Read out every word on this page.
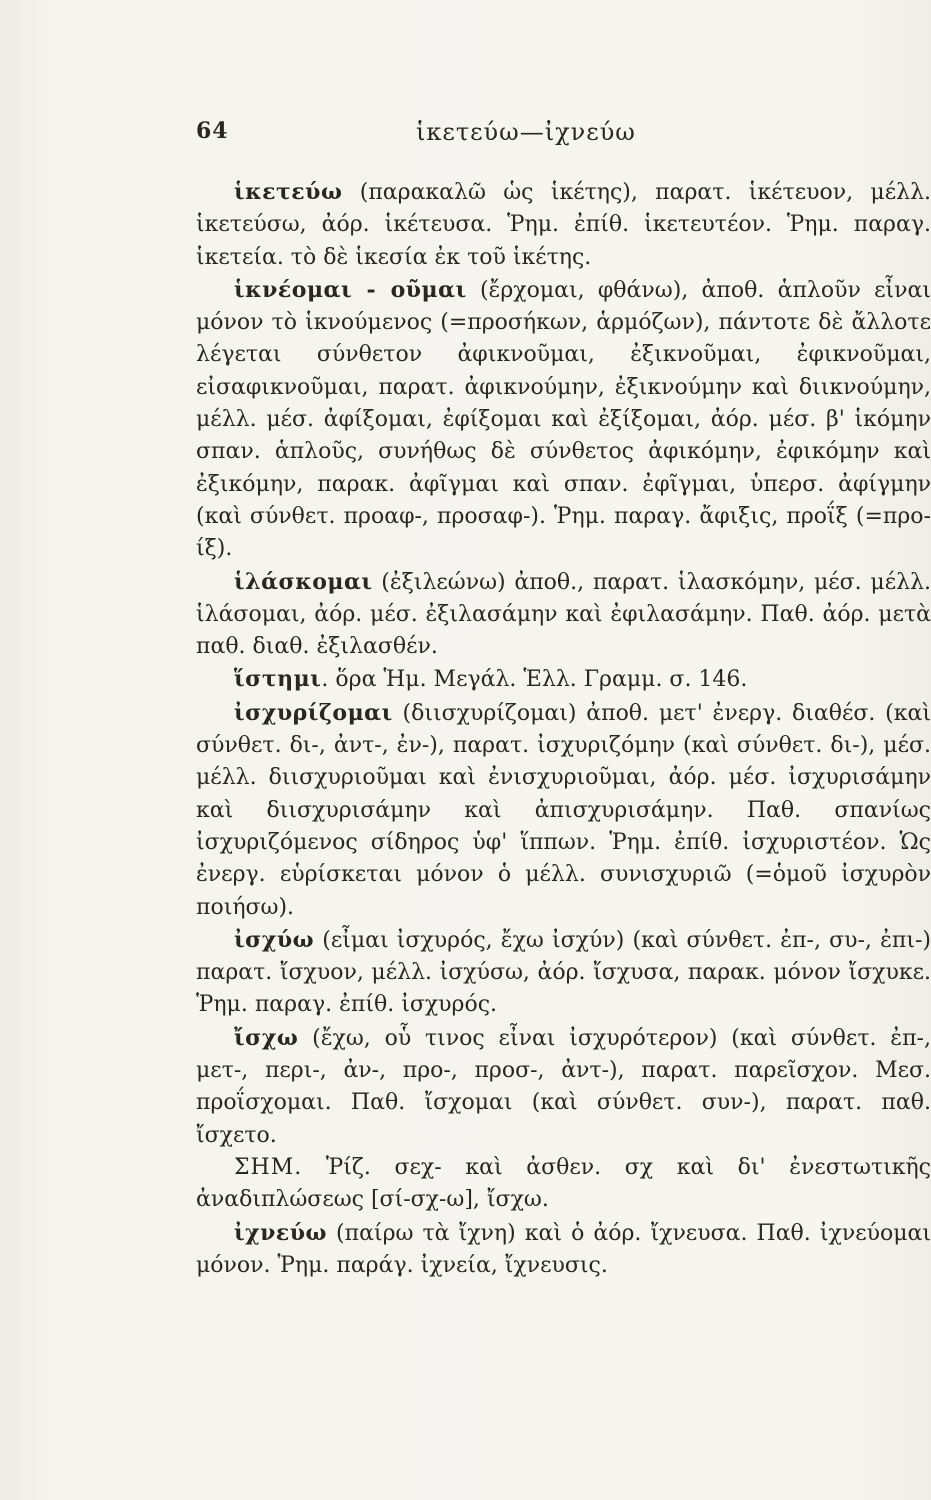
64	ἱκετεύω—ἰχνεύω

ἱκετεύω (παρακαλῶ ὡς ἱκέτης), παρατ. ἱκέτευον, μέλλ. ἱκετεύσω, ἀόρ. ἱκέτευσα. Ῥημ. ἐπίθ. ἱκετευτέον. Ῥημ. παραγ. ἱκετεία. τὸ δὲ ἱκεσία ἐκ τοῦ ἱκέτης.

ἱκνέομαι - οῦμαι (ἔρχομαι, φθάνω), ἀποθ. ἁπλοῦν εἶναι μόνον τὸ ἱκνούμενος (=προσήκων, ἁρμόζων), πάντοτε δὲ ἄλλοτε λέγεται σύνθετον ἀφικνοῦμαι, ἐξικνοῦμαι, ἐφικνοῦμαι, εἰσαφικνοῦμαι, παρατ. ἀφικνούμην, ἐξικνούμην καὶ διικνούμην, μέλλ. μέσ. ἀφίξομαι, ἐφίξομαι καὶ ἐξίξομαι, ἀόρ. μέσ. β' ἱκόμην σπαν. ἁπλοῦς, συνήθως δὲ σύνθετος ἀφικόμην, ἐφικόμην καὶ ἐξικόμην, παρακ. ἀφῖγμαι καὶ σπαν. ἐφῖγμαι, ὑπερσ. ἀφίγμην (καὶ σύνθετ. προαφ-, προσαφ-). Ῥημ. παραγ. ἄφιξις, προΐξ (=προ-ίξ).

ἱλάσκομαι (ἐξιλεώνω) ἀποθ., παρατ. ἱλασκόμην, μέσ. μέλλ. ἱλάσομαι, ἀόρ. μέσ. ἐξιλασάμην καὶ ἐφιλασάμην. Παθ. ἀόρ. μετὰ παθ. διαθ. ἐξιλασθέν.

ἵστημι. ὅρα Ἡμ. Μεγάλ. Ἑλλ. Γραμμ. σ. 146.

ἰσχυρίζομαι (διισχυρίζομαι) ἀποθ. μετ' ἐνεργ. διαθέσ. (καὶ σύνθετ. δι-, ἀντ-, ἐν-), παρατ. ἰσχυριζόμην (καὶ σύνθετ. δι-), μέσ. μέλλ. διισχυριοῦμαι καὶ ἐνισχυριοῦμαι, ἀόρ. μέσ. ἰσχυρισάμην καὶ διισχυρισάμην καὶ ἀπισχυρισάμην. Παθ. σπανίως ἰσχυριζόμενος σίδηρος ὑφ' ἵππων. Ῥημ. ἐπίθ. ἰσχυριστέον. Ὡς ἐνεργ. εὑρίσκεται μόνον ὁ μέλλ. συνισχυριῶ (=ὁμοῦ ἰσχυρὸν ποιήσω).

ἰσχύω (εἶμαι ἰσχυρός, ἔχω ἰσχύν) (καὶ σύνθετ. ἐπ-, συ-, ἐπι-) παρατ. ἴσχυον, μέλλ. ἰσχύσω, ἀόρ. ἴσχυσα, παρακ. μόνον ἴσχυκε. Ῥημ. παραγ. ἐπίθ. ἰσχυρός.

ἴσχω (ἔχω, οὗ τινος εἶναι ἰσχυρότερον) (καὶ σύνθετ. ἐπ-, μετ-, περι-, ἀν-, προ-, προσ-, ἀντ-), παρατ. παρεῖσχον. Μεσ. προΐσχομαι. Παθ. ἴσχομαι (καὶ σύνθετ. συν-), παρατ. παθ. ἴσχετο.

ΣΗΜ. Ῥίζ. σεχ- καὶ ἀσθεν. σχ καὶ δι' ἐνεστωτικῆς ἀναδιπλώσεως [σί-σχ-ω], ἴσχω.

ἰχνεύω (παίρω τὰ ἴχνη) καὶ ὁ ἀόρ. ἴχνευσα. Παθ. ἰχνεύομαι μόνον. Ῥημ. παράγ. ἰχνεία, ἴχνευσις.
